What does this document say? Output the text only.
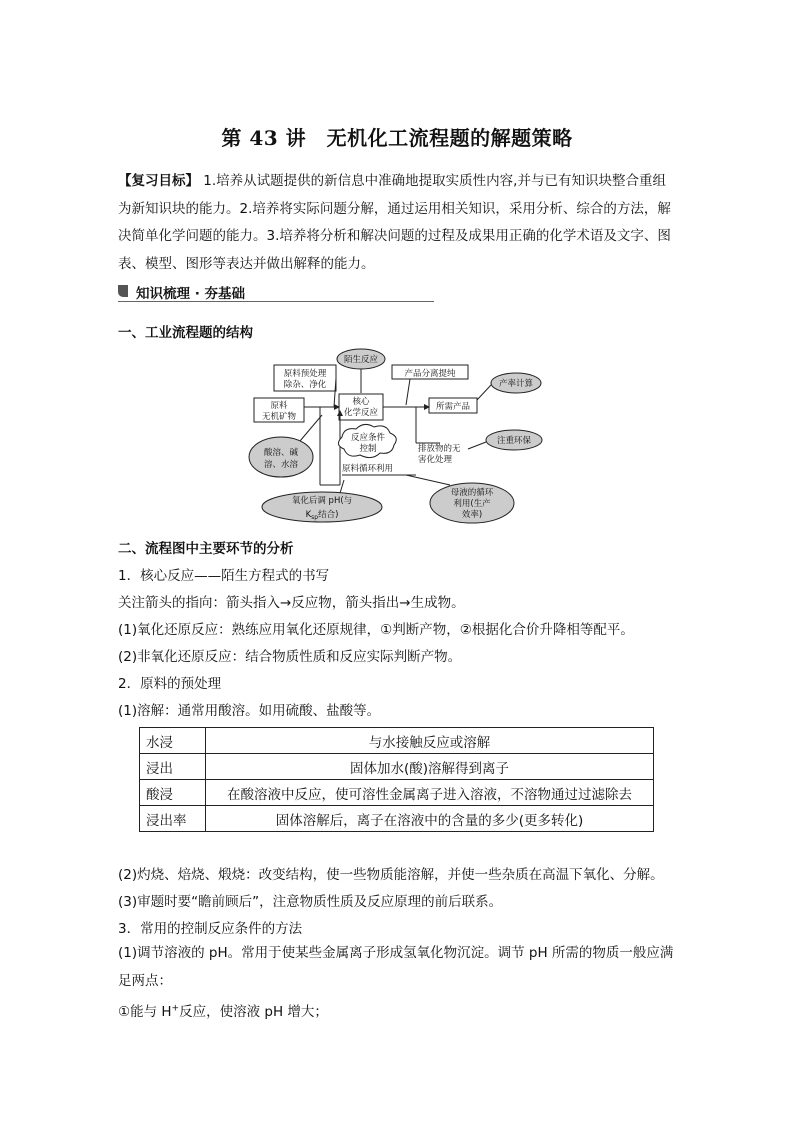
第 43 讲　无机化工流程题的解题策略
【复习目标】 1.培养从试题提供的新信息中准确地提取实质性内容,并与已有知识块整合重组为新知识块的能力。2.培养将实际问题分解，通过运用相关知识，采用分析、综合的方法，解决简单化学问题的能力。3.培养将分析和解决问题的过程及成果用正确的化学术语及文字、图表、模型、图形等表达并做出解释的能力。
知识梳理 · 夯基础
一、工业流程题的结构
原料预处理
除杂、净化
原料
无机矿物
核心
化学反应
所需产品
陌生反应
产品分离提纯
产率计算
反应条件
控制	排放物的无
害化处理
注重环保
原料循环利用
酸溶、碱
溶、水溶
氧化后调 pH(与
$K_{sp}$结合)
母液的循环
利用(生产
效率)
二、流程图中主要环节的分析
1．核心反应——陌生方程式的书写
关注箭头的指向：箭头指入→反应物，箭头指出→生成物。
(1)氧化还原反应：熟练应用氧化还原规律，①判断产物，②根据化合价升降相等配平。
(2)非氧化还原反应：结合物质性质和反应实际判断产物。
2．原料的预处理
(1)溶解：通常用酸溶。如用硫酸、盐酸等。
水浸	与水接触反应或溶解
浸出	固体加水(酸)溶解得到离子
酸浸	在酸溶液中反应，使可溶性金属离子进入溶液，不溶物通过过滤除去
浸出率	固体溶解后，离子在溶液中的含量的多少(更多转化)
(2)灼烧、焙烧、煅烧：改变结构，使一些物质能溶解，并使一些杂质在高温下氧化、分解。
(3)审题时要“瞻前顾后”，注意物质性质及反应原理的前后联系。
3．常用的控制反应条件的方法
(1)调节溶液的 pH。常用于使某些金属离子形成氢氧化物沉淀。调节 pH 所需的物质一般应满足两点：
①能与 H+反应，使溶液 pH 增大；
